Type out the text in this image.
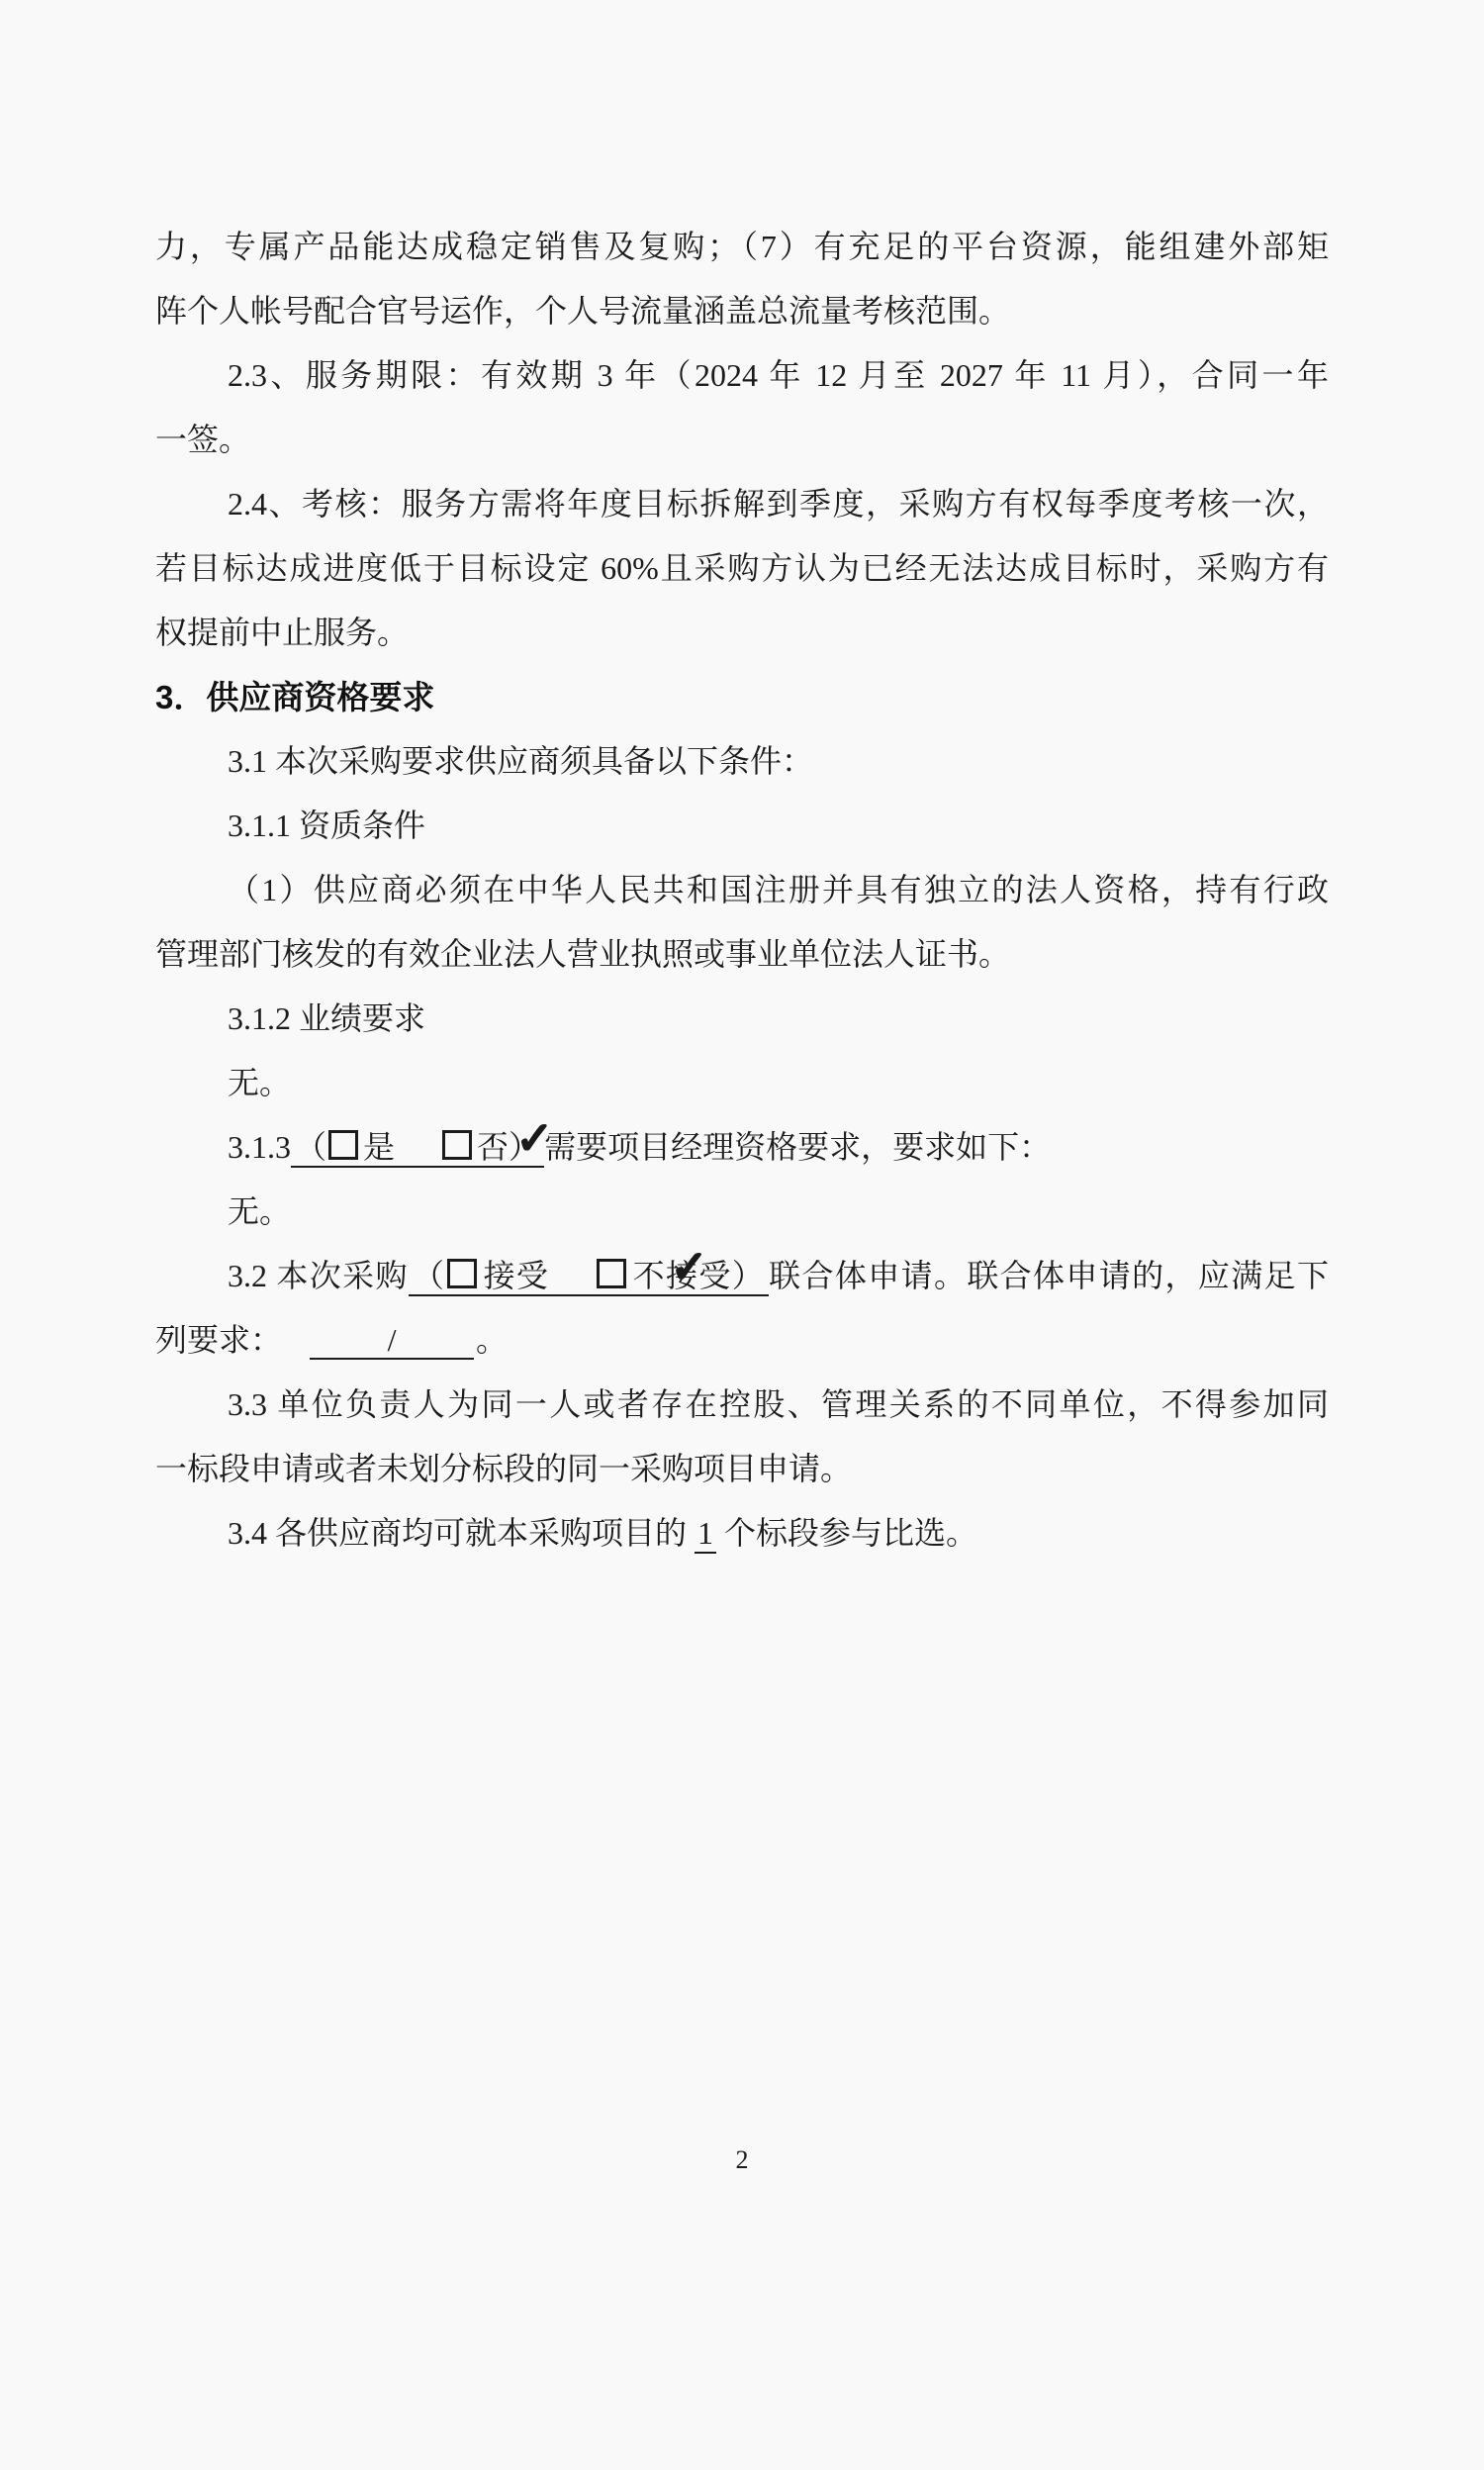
力，专属产品能达成稳定销售及复购；（7）有充足的平台资源，能组建外部矩
阵个人帐号配合官号运作，个人号流量涵盖总流量考核范围。

2.3、服务期限：有效期 3 年（2024 年 12 月至 2027 年 11 月），合同一年
一签。

2.4、考核：服务方需将年度目标拆解到季度，采购方有权每季度考核一次，
若目标达成进度低于目标设定 60%且采购方认为已经无法达成目标时，采购方有
权提前中止服务。

3．供应商资格要求

3.1 本次采购要求供应商须具备以下条件：

3.1.1 资质条件

（1）供应商必须在中华人民共和国注册并具有独立的法人资格，持有行政
管理部门核发的有效企业法人营业执照或事业单位法人证书。

3.1.2 业绩要求

无。

3.1.3 （ 是 ✓	否） 需要项目经理资格要求，要求如下：

无。

3.2 本次采购 （ 接受 ✓	不接受） 联合体申请。联合体申请的，应满足下
列要求：	/	。

3.3 单位负责人为同一人或者存在控股、管理关系的不同单位，不得参加同
一标段申请或者未划分标段的同一采购项目申请。

3.4 各供应商均可就本采购项目的 1 个标段参与比选。

2
